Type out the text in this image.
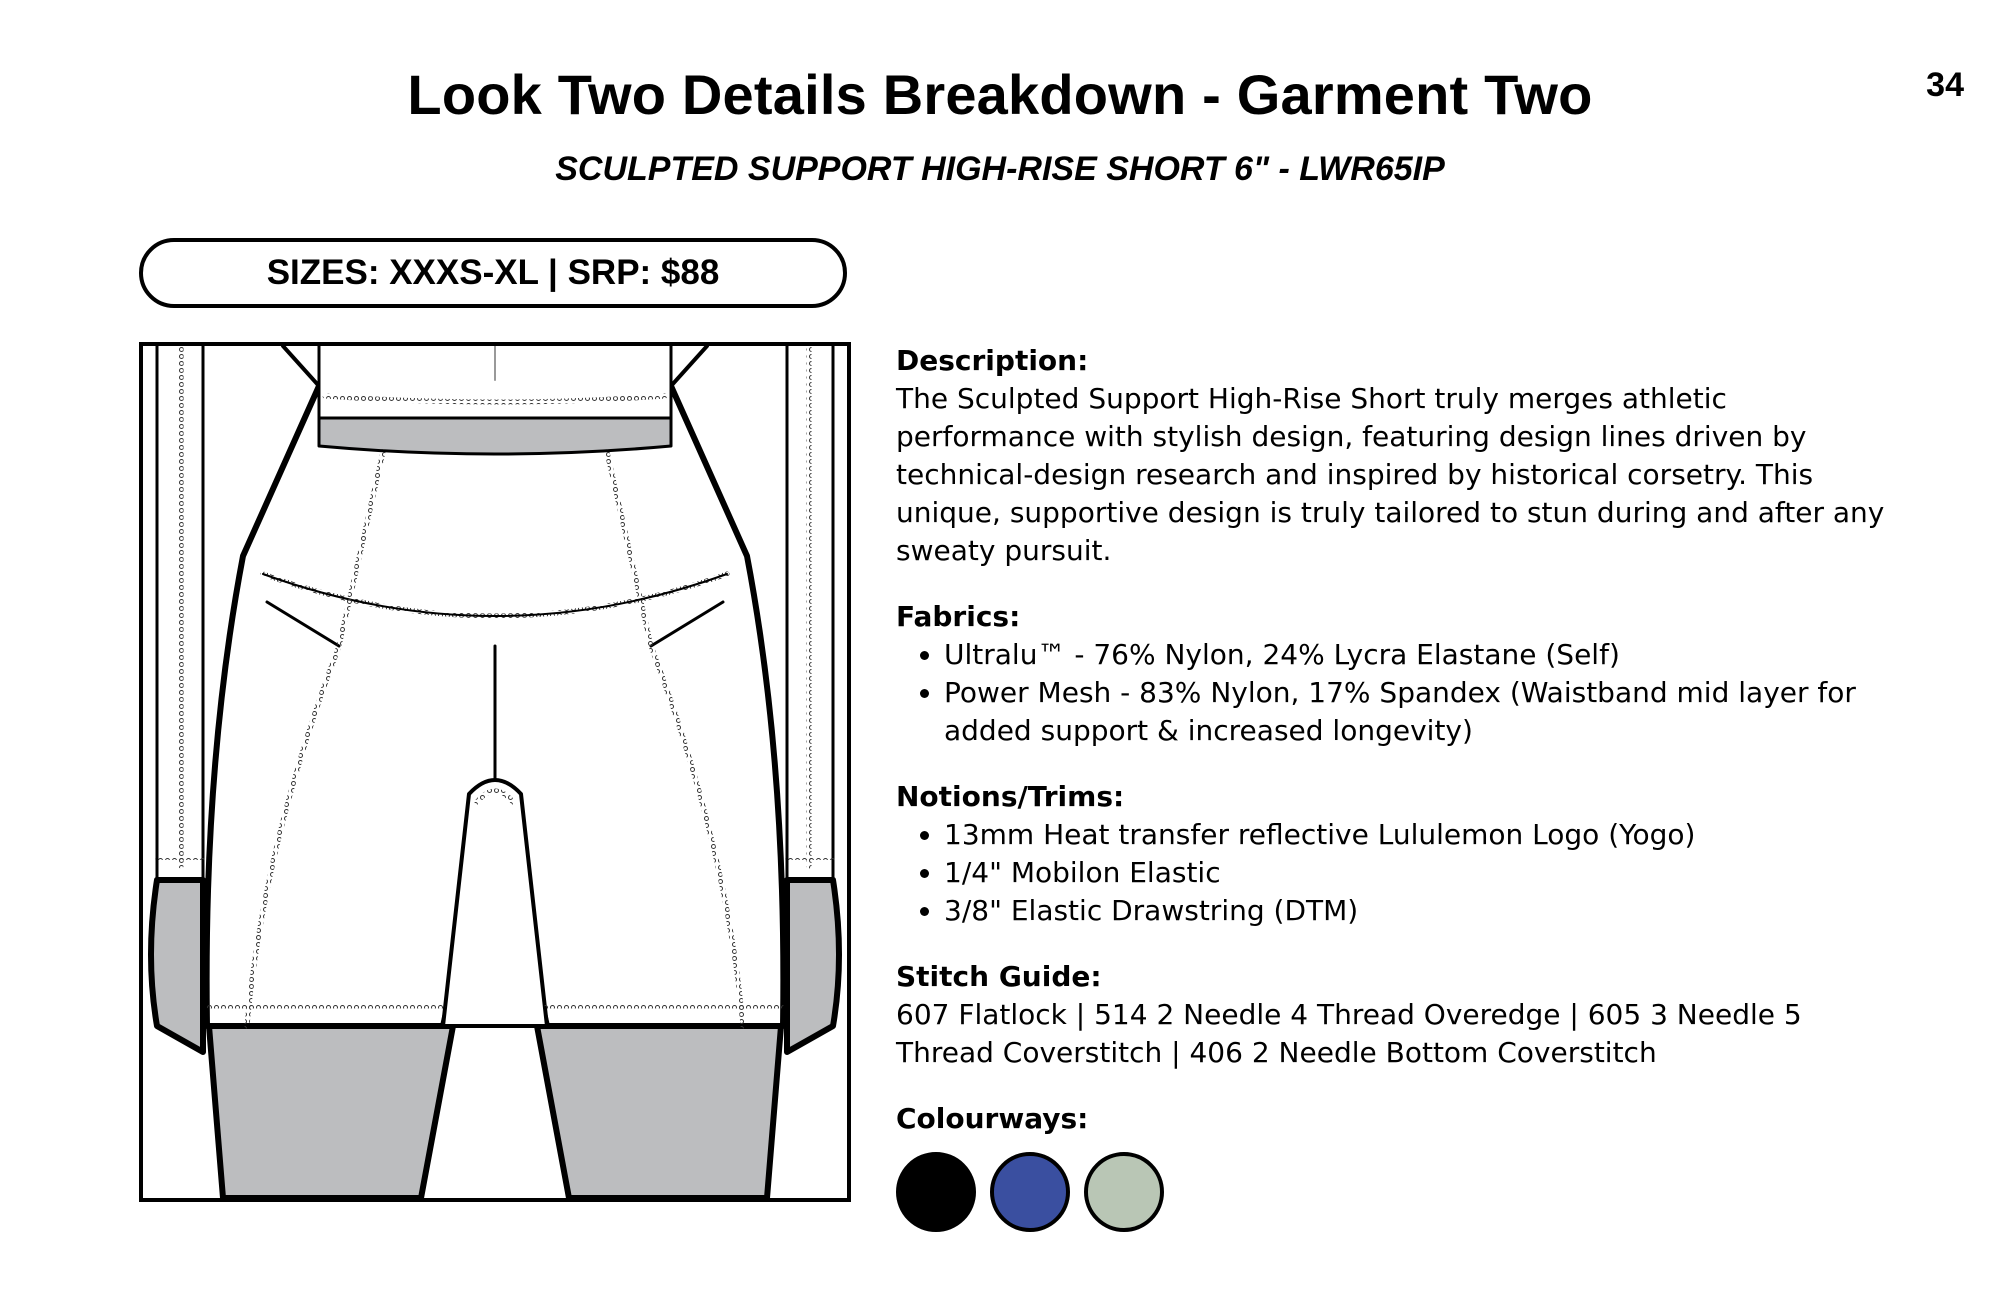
34
Look Two Details Breakdown - Garment Two
SCULPTED SUPPORT HIGH-RISE SHORT 6" - LWR65IP
SIZES: XXXS-XL | SRP: $88
Description:
The Sculpted Support High-Rise Short truly merges athletic performance with stylish design, featuring design lines driven by technical-design research and inspired by historical corsetry. This unique, supportive design is truly tailored to stun during and after any sweaty pursuit.
Fabrics:
• Ultralu™ - 76% Nylon, 24% Lycra Elastane (Self)
• Power Mesh - 83% Nylon, 17% Spandex (Waistband mid layer for added support & increased longevity)
Notions/Trims:
• 13mm Heat transfer reflective Lululemon Logo (Yogo)
• 1/4" Mobilon Elastic
• 3/8" Elastic Drawstring (DTM)
Stitch Guide:
607 Flatlock | 514 2 Needle 4 Thread Overedge | 605 3 Needle 5 Thread Coverstitch | 406 2 Needle Bottom Coverstitch
Colourways:
